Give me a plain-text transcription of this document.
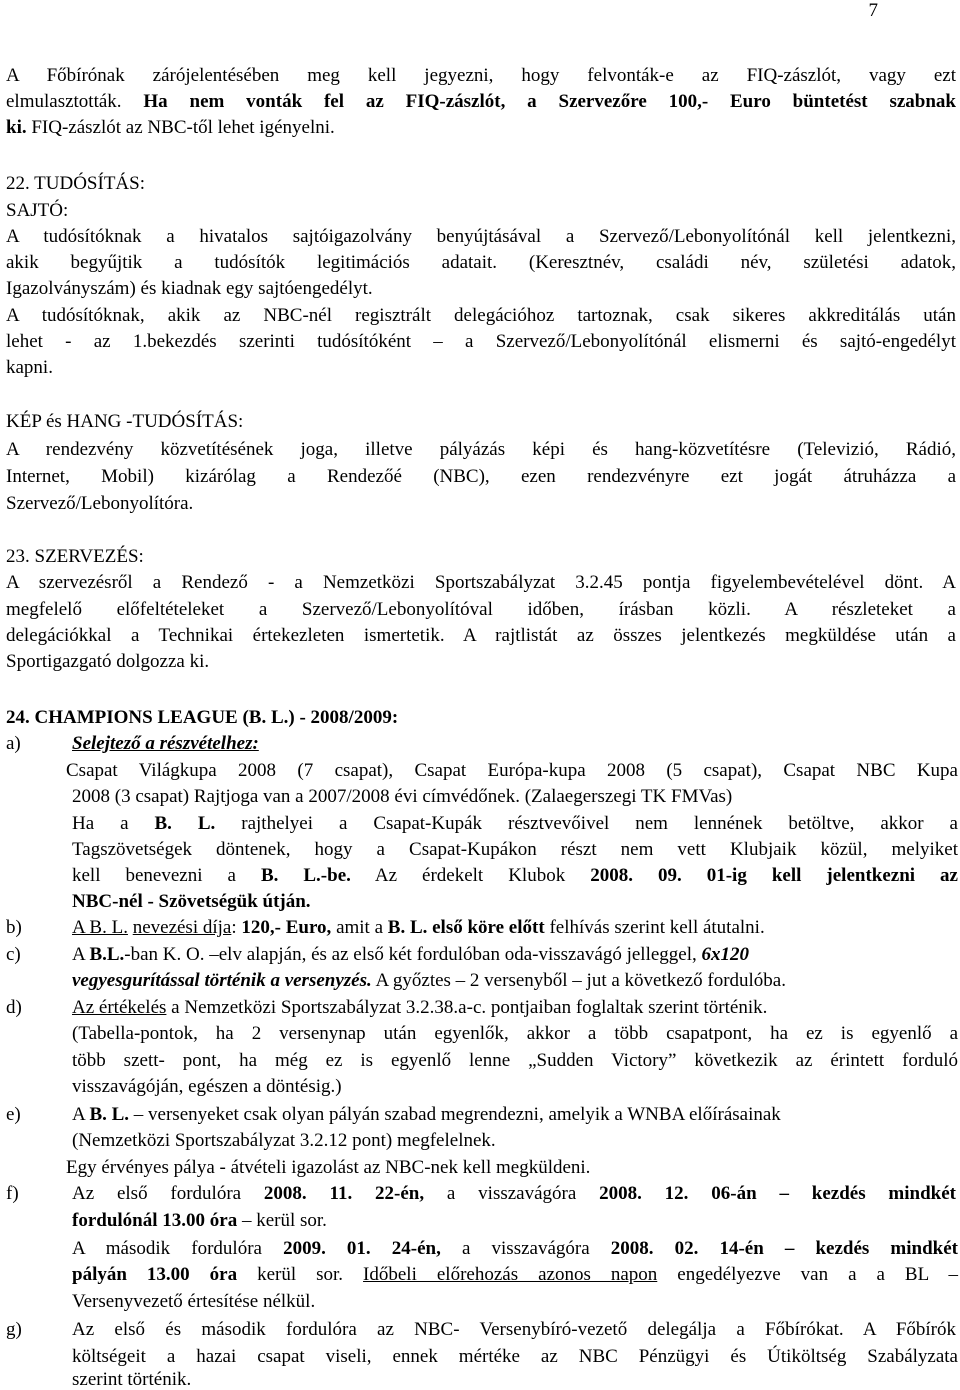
7
A Főbírónak zárójelentésében meg kell jegyezni, hogy felvonták-e az FIQ-zászlót, vagy ezt
elmulasztották. Ha nem vonták fel az FIQ-zászlót, a Szervezőre 100,- Euro büntetést szabnak
ki. FIQ-zászlót az NBC-től lehet igényelni.
22. TUDÓSÍTÁS:
SAJTÓ:
A tudósítóknak a hivatalos sajtóigazolvány benyújtásával a Szervező/Lebonyolítónál kell jelentkezni,
akik begyűjtik a tudósítók legitimációs adatait. (Keresztnév, családi név, születési adatok,
Igazolványszám) és kiadnak egy sajtóengedélyt.
A tudósítóknak, akik az NBC-nél regisztrált delegációhoz tartoznak, csak sikeres akkreditálás után
lehet - az 1.bekezdés szerinti tudósítóként – a Szervező/Lebonyolítónál elismerni és sajtó-engedélyt
kapni.
KÉP és HANG -TUDÓSÍTÁS:
A rendezvény közvetítésének joga, illetve pályázás képi és hang-közvetítésre (Televizió, Rádió,
Internet, Mobil) kizárólag a Rendezőé (NBC), ezen rendezvényre ezt jogát átruházza a
Szervező/Lebonyolítóra.
23. SZERVEZÉS:
A szervezésről a Rendező - a Nemzetközi Sportszabályzat 3.2.45 pontja figyelembevételével dönt. A
megfelelő előfeltételeket a Szervező/Lebonyolítóval időben, írásban közli. A részleteket a
delegációkkal a Technikai értekezleten ismertetik. A rajtlistát az összes jelentkezés megküldése után a
Sportigazgató dolgozza ki.
24. CHAMPIONS LEAGUE (B. L.) - 2008/2009:
a)	Selejtező a részvételhez:
Csapat Világkupa 2008 (7 csapat), Csapat Európa-kupa 2008 (5 csapat), Csapat NBC Kupa
2008 (3 csapat) Rajtjoga van a 2007/2008 évi címvédőnek. (Zalaegerszegi TK FMVas)
Ha a B. L. rajthelyei a Csapat-Kupák résztvevőivel nem lennének betöltve, akkor a
Tagszövetségek döntenek, hogy a Csapat-Kupákon részt nem vett Klubjaik közül, melyiket
kell benevezni a B. L.-be. Az érdekelt Klubok 2008. 09. 01-ig kell jelentkezni az
NBC-nél - Szövetségük útján.
b)	A B. L. nevezési díja: 120,- Euro, amit a B. L. első köre előtt felhívás szerint kell átutalni.
c)	A B.L.-ban K. O. –elv alapján, és az első két fordulóban oda-visszavágó jelleggel, 6x120
vegyesgurítással történik a versenyzés. A győztes – 2 versenyből – jut a következő fordulóba.
d)	Az értékelés a Nemzetközi Sportszabályzat 3.2.38.a-c. pontjaiban foglaltak szerint történik.
(Tabella-pontok, ha 2 versenynap után egyenlők, akkor a több csapatpont, ha ez is egyenlő a
több szett- pont, ha még ez is egyenlő lenne „Sudden Victory” következik az érintett forduló
visszavágóján, egészen a döntésig.)
e)	A B. L. – versenyeket csak olyan pályán szabad megrendezni, amelyik a WNBA előírásainak
(Nemzetközi Sportszabályzat 3.2.12 pont) megfelelnek.
Egy érvényes pálya - átvételi igazolást az NBC-nek kell megküldeni.
f)	Az első fordulóra 2008. 11. 22-én, a visszavágóra 2008. 12. 06-án – kezdés mindkét
fordulónál 13.00 óra – kerül sor.
A második fordulóra 2009. 01. 24-én, a visszavágóra 2008. 02. 14-én – kezdés mindkét
pályán 13.00 óra kerül sor. Időbeli előrehozás azonos napon engedélyezve van a a BL –
Versenyvezető értesítése nélkül.
g)	Az első és második fordulóra az NBC- Versenybíró-vezető delegálja a Főbírókat. A Főbírók
költségeit a hazai csapat viseli, ennek mértéke az NBC Pénzügyi és Útiköltség Szabályzata
szerint történik.
